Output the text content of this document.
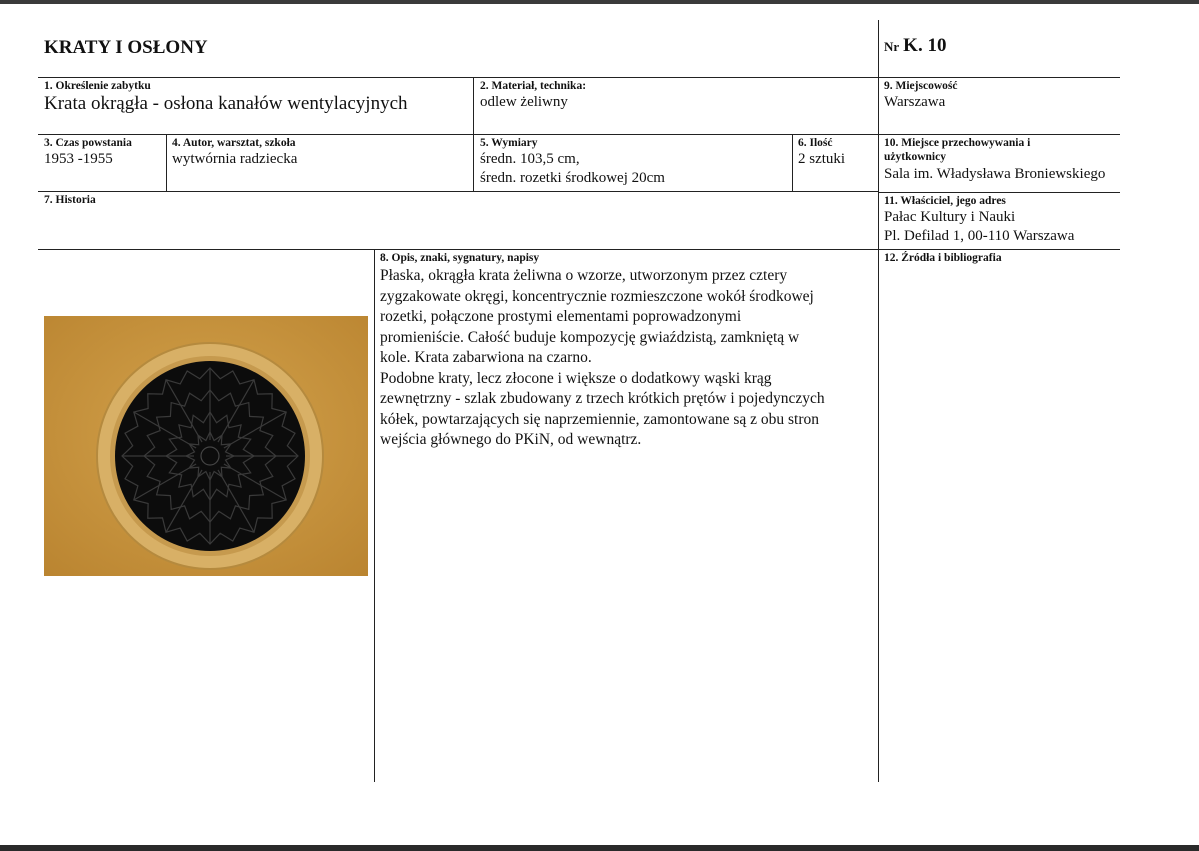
KRATY I OSŁONY	Nr K. 10
1. Określenie zabytku
Krata okrągła - osłona kanałów wentylacyjnych
2. Materiał, technika:
odlew żeliwny
9. Miejscowość
Warszawa
3. Czas powstania
1953 -1955
4. Autor, warsztat, szkoła
wytwórnia radziecka
5. Wymiary
średn. 103,5 cm,
średn. rozetki środkowej 20cm
6. Ilość
2 sztuki
10. Miejsce przechowywania i
użytkownicy
Sala im. Władysława Broniewskiego
7. Historia	11. Właściciel, jego adres
Pałac Kultury i Nauki
Pl. Defilad 1, 00-110 Warszawa
8. Opis, znaki, sygnatury, napisy
Płaska, okrągła krata żeliwna o wzorze, utworzonym przez cztery
zygzakowate okręgi, koncentrycznie rozmieszczone wokół środkowej
rozetki, połączone prostymi elementami poprowadzonymi
promieniście. Całość buduje kompozycję gwiaździstą, zamkniętą w
kole. Krata zabarwiona na czarno.
Podobne kraty, lecz złocone i większe o dodatkowy wąski krąg
zewnętrzny - szlak zbudowany z trzech krótkich prętów i pojedynczych
kółek, powtarzających się naprzemiennie, zamontowane są z obu stron
wejścia głównego do PKiN, od wewnątrz.
12. Źródła i bibliografia
